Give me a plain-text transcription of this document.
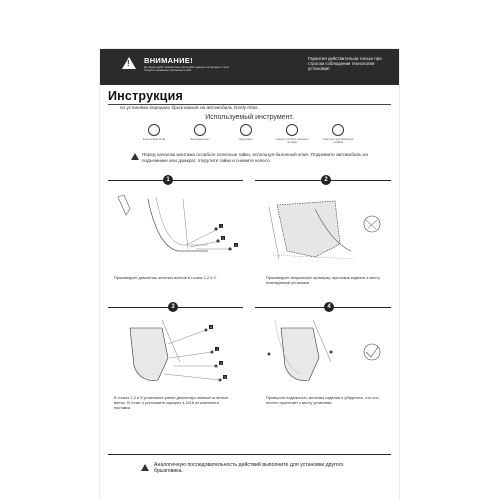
! ВНИМАНИЕ!
До начала работ внимательно прочитайте данную инструкцию и четко следуйте указаниям, описанным в ней!
Гарантия действительна только при строгом соблюдении технологии установки!
Инструкция
по установке передних брызговиков на автомобиль Geely Atlas.
Используемый инструмент.
Ключ-головка 10 мм	Баллонный ключ	Шуруповёрт	Саморез 4,2х16 из комплекта поставки
Отвертка с крестообразной головкой
Перед началом монтажа ослабьте колесные гайки, используя балонный ключ. Поднимите автомобиль на подъемнике или домкрат, открутите гайки и снимите колесо.
1	2
1
2
3
Произведите демонтаж штатных винтов в точках 1,2 и 3.	Произведите визуальную примерку, приложив изделие к месту планируемой установки.
3	4
4
1
2
3
В точках 1,2 и 3 установите ранее демонтиро-ванные штатные винты. В точке 4 установите саморез 4,2х16 из комплекта поставки.
Проверьте надежность монтажа изделия и убедитесь, что оно плотно прилегает к месту установки.
Аналогичную последовательность действий выполните для установки другого брызговика.
